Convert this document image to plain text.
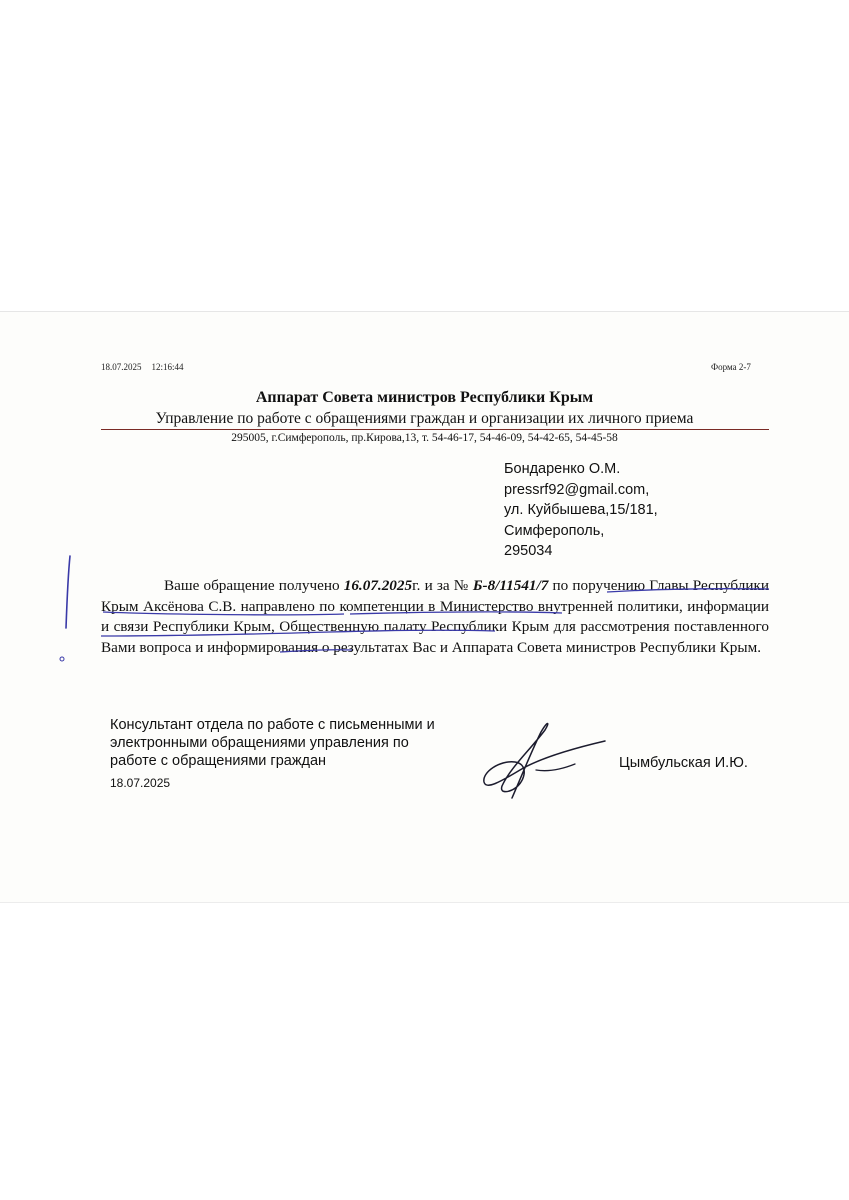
18.07.2025 12:16:44	Форма 2-7
Аппарат Совета министров Республики Крым
Управление по работе с обращениями граждан и организации их личного приема
295005, г.Симферополь, пр.Кирова,13, т. 54-46-17, 54-46-09, 54-42-65, 54-45-58
Бондаренко О.М.
pressrf92@gmail.com,
ул. Куйбышева,15/181,
Симферополь,
295034
Ваше обращение получено 16.07.2025г. и за № Б-8/11541/7 по поручению Главы Республики Крым Аксёнова С.В. направлено по компетенции в Министерство внутренней политики, информации и связи Республики Крым, Общественную палату Республики Крым для рассмотрения поставленного Вами вопроса и информирования о результатах Вас и Аппарата Совета министров Республики Крым.
Консультант отдела по работе с письменными и
электронными обращениями управления по
работе с обращениями граждан
18.07.2025
Цымбульская И.Ю.
